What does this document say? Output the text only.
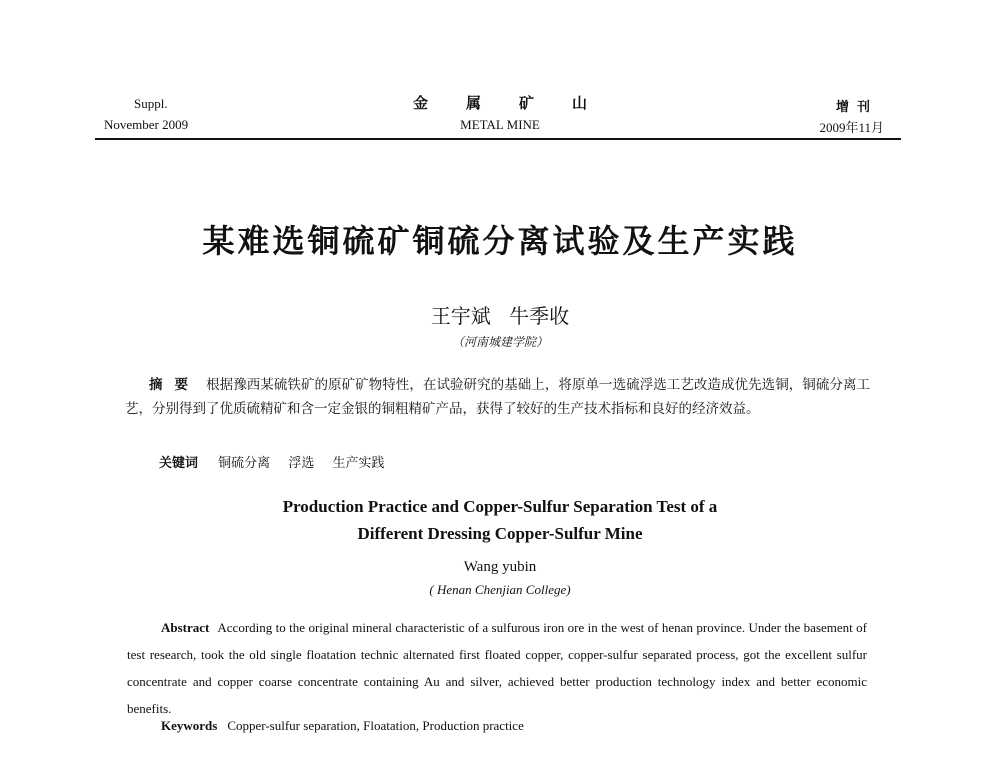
Suppl.
November 2009
金属矿山
METAL MINE
增刊
2009年11月
某难选铜硫矿铜硫分离试验及生产实践
王宇斌 牛季收
（河南城建学院）
摘要 根据豫西某硫铁矿的原矿矿物特性，在试验研究的基础上，将原单一选硫浮选工艺改造成优先选铜，铜硫分离工艺，分别得到了优质硫精矿和含一定金银的铜粗精矿产品，获得了较好的生产技术指标和良好的经济效益。
关键词 铜硫分离 浮选 生产实践
Production Practice and Copper-Sulfur Separation Test of a
Different Dressing Copper-Sulfur Mine
Wang yubin
( Henan Chenjian College)
Abstract According to the original mineral characteristic of a sulfurous iron ore in the west of henan province. Under the basement of test research, took the old single floatation technic alternated first floated copper, copper-sulfur separated process, got the excellent sulfur concentrate and copper coarse concentrate containing Au and silver, achieved better production technology index and better economic benefits.
Keywords Copper-sulfur separation, Floatation, Production practice
